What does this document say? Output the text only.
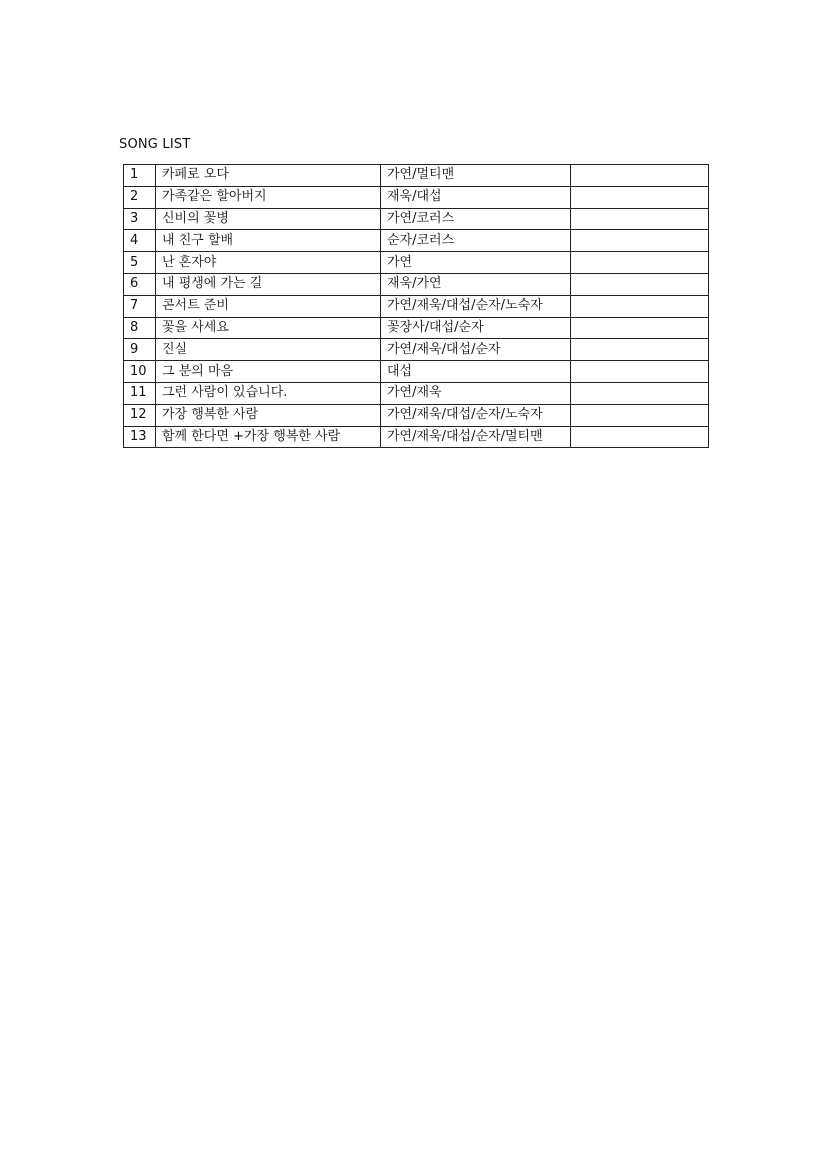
SONG LIST
1	카페로 오다	가연/멀티맨	
2	가족같은 할아버지	재욱/대섭	
3	신비의 꽃병	가연/코러스	
4	내 친구 할배	순자/코러스	
5	난 혼자야	가연	
6	내 평생에 가는 길	재욱/가연	
7	콘서트 준비	가연/재욱/대섭/순자/노숙자	
8	꽃을 사세요	꽃장사/대섭/순자	
9	진실	가연/재욱/대섭/순자	
10	그 분의 마음	대섭	
11	그런 사람이 있습니다.	가연/재욱	
12	가장 행복한 사람	가연/재욱/대섭/순자/노숙자	
13	함께 한다면 +가장 행복한 사람	가연/재욱/대섭/순자/멀티맨	
